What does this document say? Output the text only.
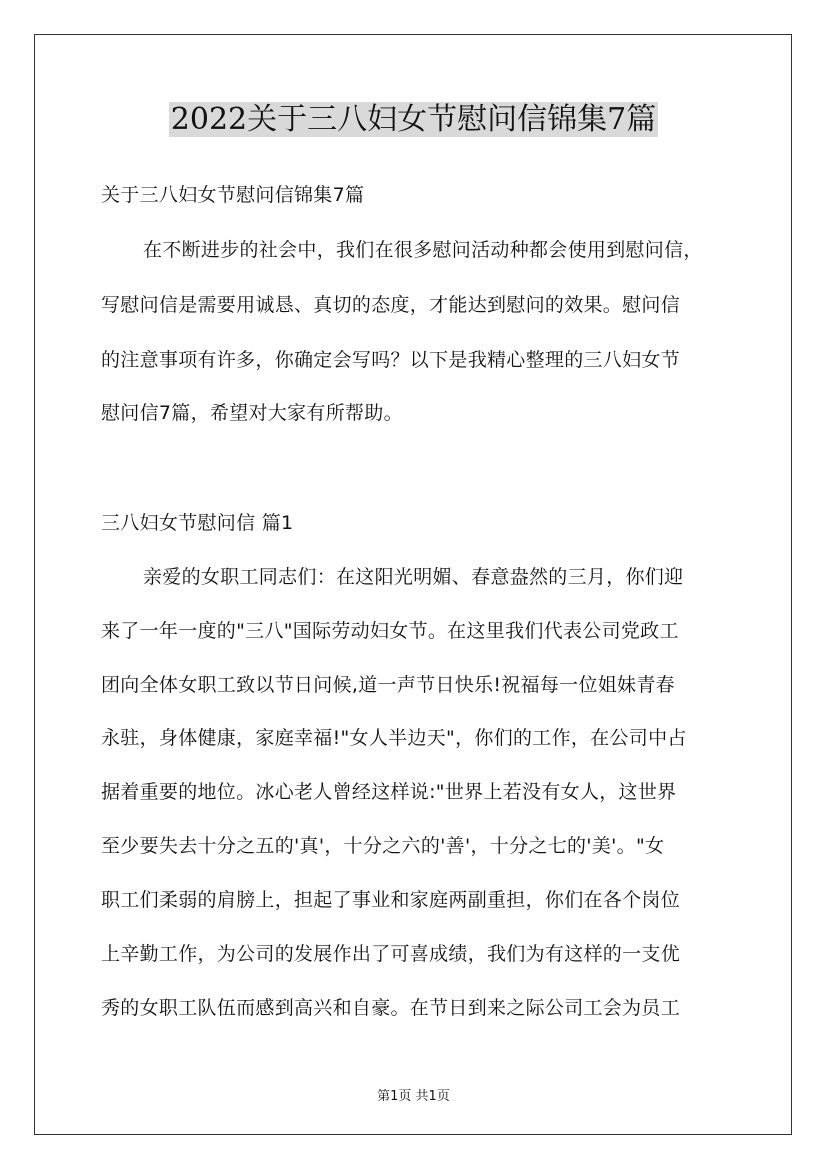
2022关于三八妇女节慰问信锦集7篇
关于三八妇女节慰问信锦集7篇
在不断进步的社会中，我们在很多慰问活动种都会使用到慰问信，
写慰问信是需要用诚恳、真切的态度，才能达到慰问的效果。慰问信
的注意事项有许多，你确定会写吗？以下是我精心整理的三八妇女节
慰问信7篇，希望对大家有所帮助。
三八妇女节慰问信 篇1
亲爱的女职工同志们：在这阳光明媚、春意盎然的三月，你们迎
来了一年一度的"三八"国际劳动妇女节。在这里我们代表公司党政工
团向全体女职工致以节日问候,道一声节日快乐!祝福每一位姐妹青春
永驻，身体健康，家庭幸福!"女人半边天"，你们的工作，在公司中占
据着重要的地位。冰心老人曾经这样说:"世界上若没有女人，这世界
至少要失去十分之五的'真'，十分之六的'善'，十分之七的'美'。"女
职工们柔弱的肩膀上，担起了事业和家庭两副重担，你们在各个岗位
上辛勤工作，为公司的发展作出了可喜成绩，我们为有这样的一支优
秀的女职工队伍而感到高兴和自豪。在节日到来之际公司工会为员工
第1页 共1页
